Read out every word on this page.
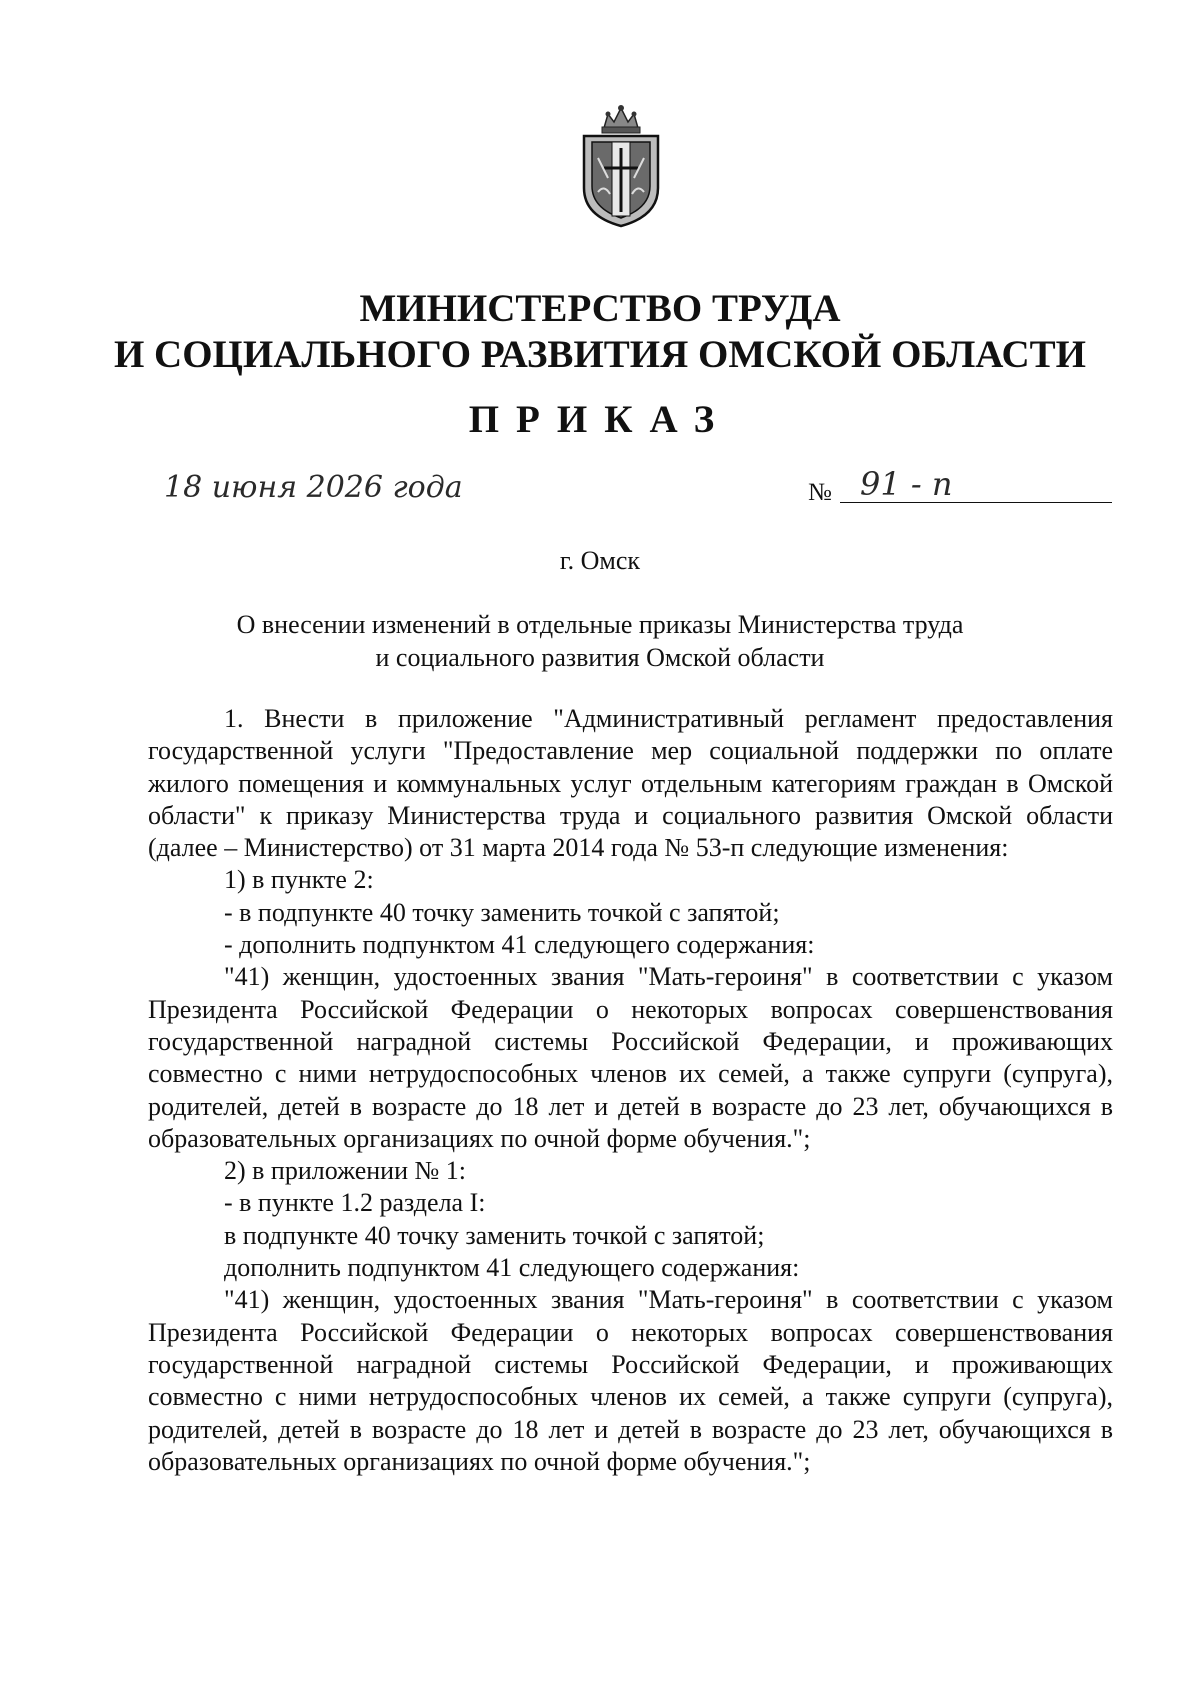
МИНИСТЕРСТВО ТРУДА
И СОЦИАЛЬНОГО РАЗВИТИЯ ОМСКОЙ ОБЛАСТИ
ПРИКАЗ
18 июня 2026 года	№ 91 - п
г. Омск
О внесении изменений в отдельные приказы Министерства труда
и социального развития Омской области

1. Внести в приложение "Административный регламент предоставления государственной услуги "Предоставление мер социальной поддержки по оплате жилого помещения и коммунальных услуг отдельным категориям граждан в Омской области" к приказу Министерства труда и социального развития Омской области (далее – Министерство) от 31 марта 2014 года № 53-п следующие изменения:

1) в пункте 2:

- в подпункте 40 точку заменить точкой с запятой;

- дополнить подпунктом 41 следующего содержания:

"41) женщин, удостоенных звания "Мать-героиня" в соответствии с указом Президента Российской Федерации о некоторых вопросах совершенствования государственной наградной системы Российской Федерации, и проживающих совместно с ними нетрудоспособных членов их семей, а также супруги (супруга), родителей, детей в возрасте до 18 лет и детей в возрасте до 23 лет, обучающихся в образовательных организациях по очной форме обучения.";

2) в приложении № 1:

- в пункте 1.2 раздела I:

в подпункте 40 точку заменить точкой с запятой;

дополнить подпунктом 41 следующего содержания:

"41) женщин, удостоенных звания "Мать-героиня" в соответствии с указом Президента Российской Федерации о некоторых вопросах совершенствования государственной наградной системы Российской Федерации, и проживающих совместно с ними нетрудоспособных членов их семей, а также супруги (супруга), родителей, детей в возрасте до 18 лет и детей в возрасте до 23 лет, обучающихся в образовательных организациях по очной форме обучения.";
